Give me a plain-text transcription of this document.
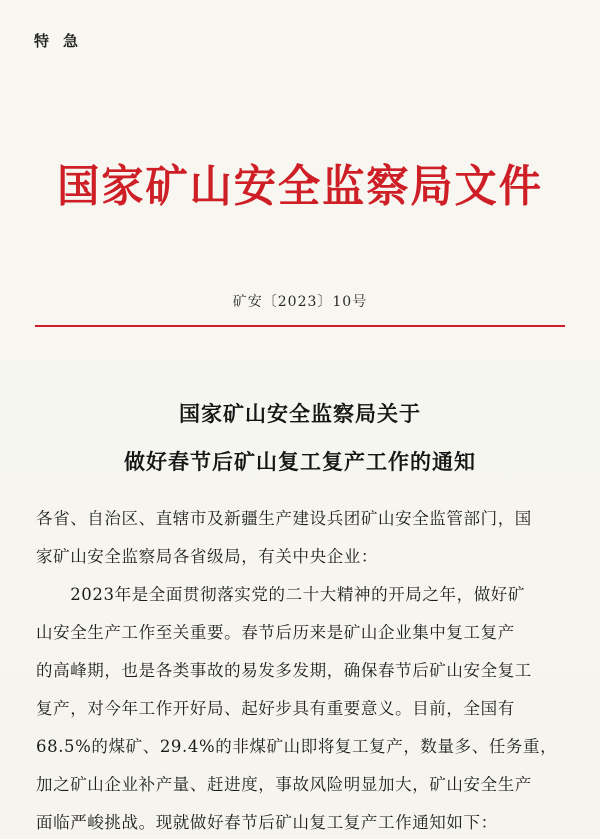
特急
国家矿山安全监察局文件
矿安〔2023〕10号
国家矿山安全监察局关于
做好春节后矿山复工复产工作的通知
各省、自治区、直辖市及新疆生产建设兵团矿山安全监管部门，国
家矿山安全监察局各省级局，有关中央企业：
　　2023年是全面贯彻落实党的二十大精神的开局之年，做好矿
山安全生产工作至关重要。春节后历来是矿山企业集中复工复产
的高峰期，也是各类事故的易发多发期，确保春节后矿山安全复工
复产，对今年工作开好局、起好步具有重要意义。目前，全国有
68.5%的煤矿、29.4%的非煤矿山即将复工复产，数量多、任务重，
加之矿山企业补产量、赶进度，事故风险明显加大，矿山安全生产
面临严峻挑战。现就做好春节后矿山复工复产工作通知如下：
